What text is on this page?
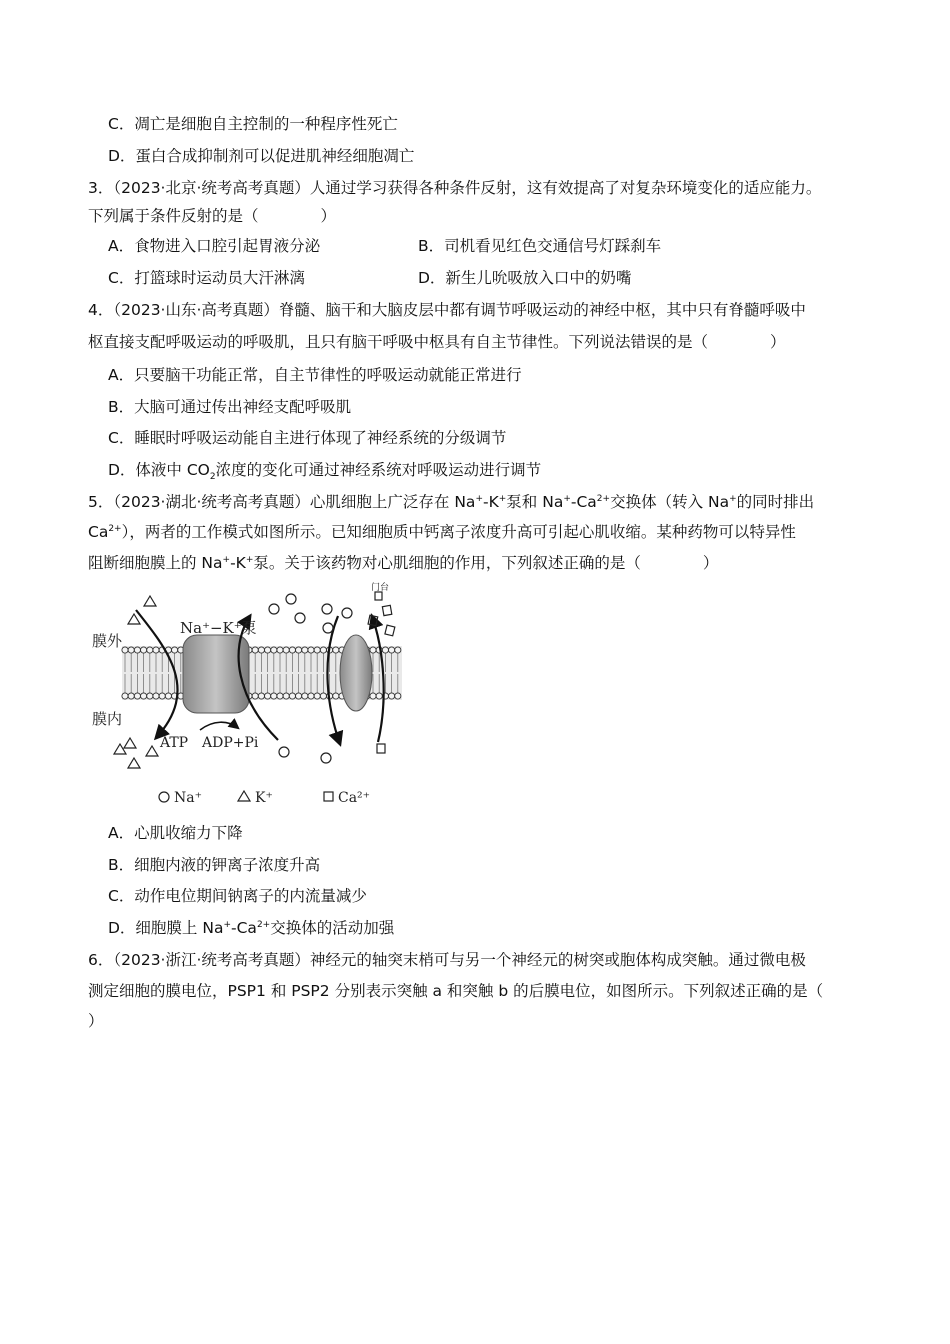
C．凋亡是细胞自主控制的一种程序性死亡
D．蛋白合成抑制剂可以促进肌神经细胞凋亡
3．（2023·北京·统考高考真题）人通过学习获得各种条件反射，这有效提高了对复杂环境变化的适应能力。
下列属于条件反射的是（　　　　）
A．食物进入口腔引起胃液分泌	B．司机看见红色交通信号灯踩刹车
C．打篮球时运动员大汗淋漓	D．新生儿吮吸放入口中的奶嘴
4．（2023·山东·高考真题）脊髓、脑干和大脑皮层中都有调节呼吸运动的神经中枢，其中只有脊髓呼吸中
枢直接支配呼吸运动的呼吸肌，且只有脑干呼吸中枢具有自主节律性。下列说法错误的是（　　　　）
A．只要脑干功能正常，自主节律性的呼吸运动就能正常进行
B．大脑可通过传出神经支配呼吸肌
C．睡眠时呼吸运动能自主进行体现了神经系统的分级调节
D．体液中 $CO_2$浓度的变化可通过神经系统对呼吸运动进行调节
5．（2023·湖北·统考高考真题）心肌细胞上广泛存在 Na+-K+泵和 $Na^+-Ca^{2+}$交换体（转入 Na+的同时排出
$Ca^{2+}$），两者的工作模式如图所示。已知细胞质中钙离子浓度升高可引起心肌收缩。某种药物可以特异性
阻断细胞膜上的 Na+-K+泵。关于该药物对心肌细胞的作用，下列叙述正确的是（　　　　）
膜外
膜内
Na⁺−K⁺泵
门台
ATP ADP+Pi
Na⁺	K⁺	Ca²⁺
A．心肌收缩力下降
B．细胞内液的钾离子浓度升高
C．动作电位期间钠离子的内流量减少
D．细胞膜上 $Na^+-Ca^{2+}$交换体的活动加强
6．（2023·浙江·统考高考真题）神经元的轴突末梢可与另一个神经元的树突或胞体构成突触。通过微电极
测定细胞的膜电位，PSP1 和 PSP2 分别表示突触 a 和突触 b 的后膜电位，如图所示。下列叙述正确的是（
）
